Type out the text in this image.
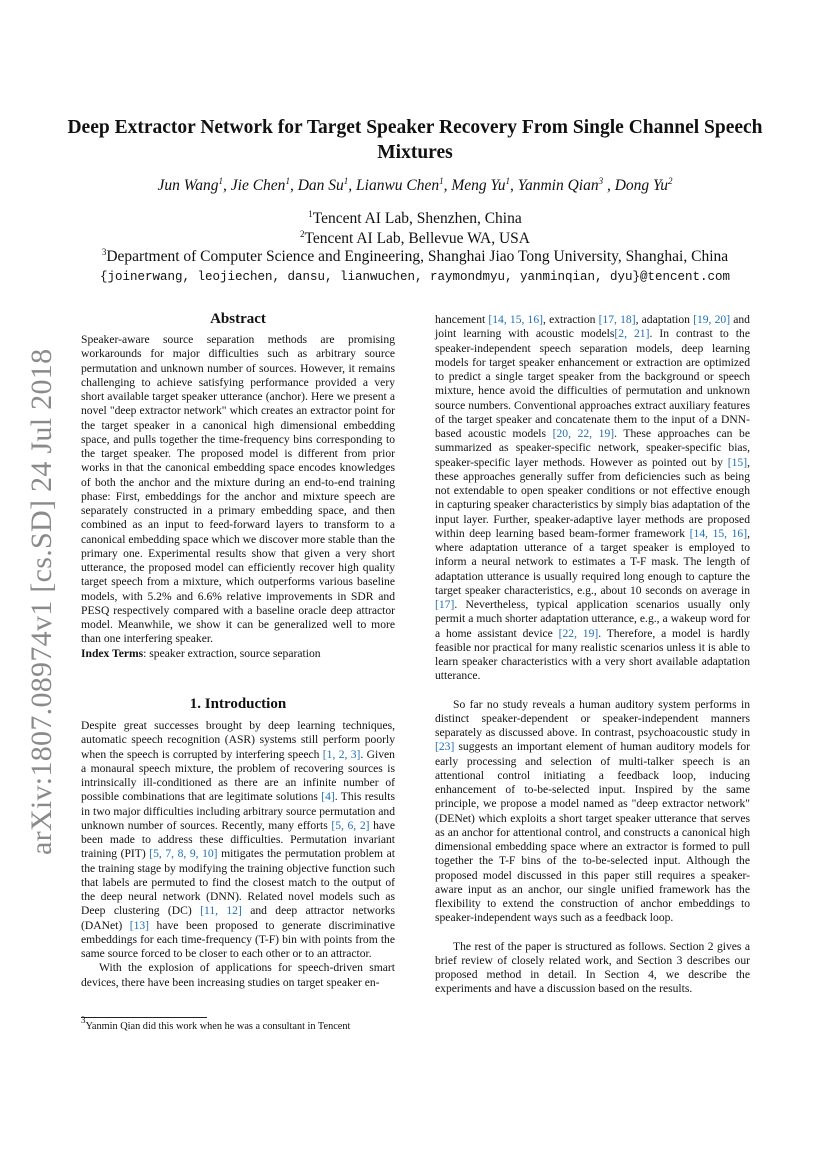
arXiv:1807.08974v1 [cs.SD] 24 Jul 2018
Deep Extractor Network for Target Speaker Recovery From Single Channel Speech Mixtures
Jun Wang$^1$, Jie Chen$^1$, Dan Su$^1$, Lianwu Chen$^1$, Meng Yu$^1$, Yanmin Qian$^3$ , Dong Yu$^2$
$^1$Tencent AI Lab, Shenzhen, China
$^2$Tencent AI Lab, Bellevue WA, USA
$^3$Department of Computer Science and Engineering, Shanghai Jiao Tong University, Shanghai, China
{joinerwang, leojiechen, dansu, lianwuchen, raymondmyu, yanminqian, dyu}@tencent.com
Abstract

Speaker-aware source separation methods are promising workarounds for major difficulties such as arbitrary source permutation and unknown number of sources. However, it remains challenging to achieve satisfying performance provided a very short available target speaker utterance (anchor). Here we present a novel "deep extractor network" which creates an extractor point for the target speaker in a canonical high dimensional embedding space, and pulls together the time-frequency bins corresponding to the target speaker. The proposed model is different from prior works in that the canonical embedding space encodes knowledges of both the anchor and the mixture during an end-to-end training phase: First, embeddings for the anchor and mixture speech are separately constructed in a primary embedding space, and then combined as an input to feed-forward layers to transform to a canonical embedding space which we discover more stable than the primary one. Experimental results show that given a very short utterance, the proposed model can efficiently recover high quality target speech from a mixture, which outperforms various baseline models, with 5.2% and 6.6% relative improvements in SDR and PESQ respectively compared with a baseline oracle deep attractor model. Meanwhile, we show it can be generalized well to more than one interfering speaker.

Index Terms: speaker extraction, source separation

1. Introduction

Despite great successes brought by deep learning techniques, automatic speech recognition (ASR) systems still perform poorly when the speech is corrupted by interfering speech [1, 2, 3]. Given a monaural speech mixture, the problem of recovering sources is intrinsically ill-conditioned as there are an infinite number of possible combinations that are legitimate solutions [4]. This results in two major difficulties including arbitrary source permutation and unknown number of sources. Recently, many efforts [5, 6, 2] have been made to address these difficulties. Permutation invariant training (PIT) [5, 7, 8, 9, 10] mitigates the permutation problem at the training stage by modifying the training objective function such that labels are permuted to find the closest match to the output of the deep neural network (DNN). Related novel models such as Deep clustering (DC) [11, 12] and deep attractor networks (DANet) [13] have been proposed to generate discriminative embeddings for each time-frequency (T-F) bin with points from the same source forced to be closer to each other or to an attractor.

With the explosion of applications for speech-driven smart devices, there have been increasing studies on target speaker en-

$^3$Yanmin Qian did this work when he was a consultant in Tencent

hancement [14, 15, 16], extraction [17, 18], adaptation [19, 20] and joint learning with acoustic models[2, 21]. In contrast to the speaker-independent speech separation models, deep learning models for target speaker enhancement or extraction are optimized to predict a single target speaker from the background or speech mixture, hence avoid the difficulties of permutation and unknown source numbers. Conventional approaches extract auxiliary features of the target speaker and concatenate them to the input of a DNN-based acoustic models [20, 22, 19]. These approaches can be summarized as speaker-specific network, speaker-specific bias, speaker-specific layer methods. However as pointed out by [15], these approaches generally suffer from deficiencies such as being not extendable to open speaker conditions or not effective enough in capturing speaker characteristics by simply bias adaptation of the input layer. Further, speaker-adaptive layer methods are proposed within deep learning based beam-former framework [14, 15, 16], where adaptation utterance of a target speaker is employed to inform a neural network to estimates a T-F mask. The length of adaptation utterance is usually required long enough to capture the target speaker characteristics, e.g., about 10 seconds on average in [17]. Nevertheless, typical application scenarios usually only permit a much shorter adaptation utterance, e.g., a wakeup word for a home assistant device [22, 19]. Therefore, a model is hardly feasible nor practical for many realistic scenarios unless it is able to learn speaker characteristics with a very short available adaptation utterance.

So far no study reveals a human auditory system performs in distinct speaker-dependent or speaker-independent manners separately as discussed above. In contrast, psychoacoustic study in [23] suggests an important element of human auditory models for early processing and selection of multi-talker speech is an attentional control initiating a feedback loop, inducing enhancement of to-be-selected input. Inspired by the same principle, we propose a model named as "deep extractor network" (DENet) which exploits a short target speaker utterance that serves as an anchor for attentional control, and constructs a canonical high dimensional embedding space where an extractor is formed to pull together the T-F bins of the to-be-selected input. Although the proposed model discussed in this paper still requires a speaker-aware input as an anchor, our single unified framework has the flexibility to extend the construction of anchor embeddings to speaker-independent ways such as a feedback loop.

The rest of the paper is structured as follows. Section 2 gives a brief review of closely related work, and Section 3 describes our proposed method in detail. In Section 4, we describe the experiments and have a discussion based on the results.
